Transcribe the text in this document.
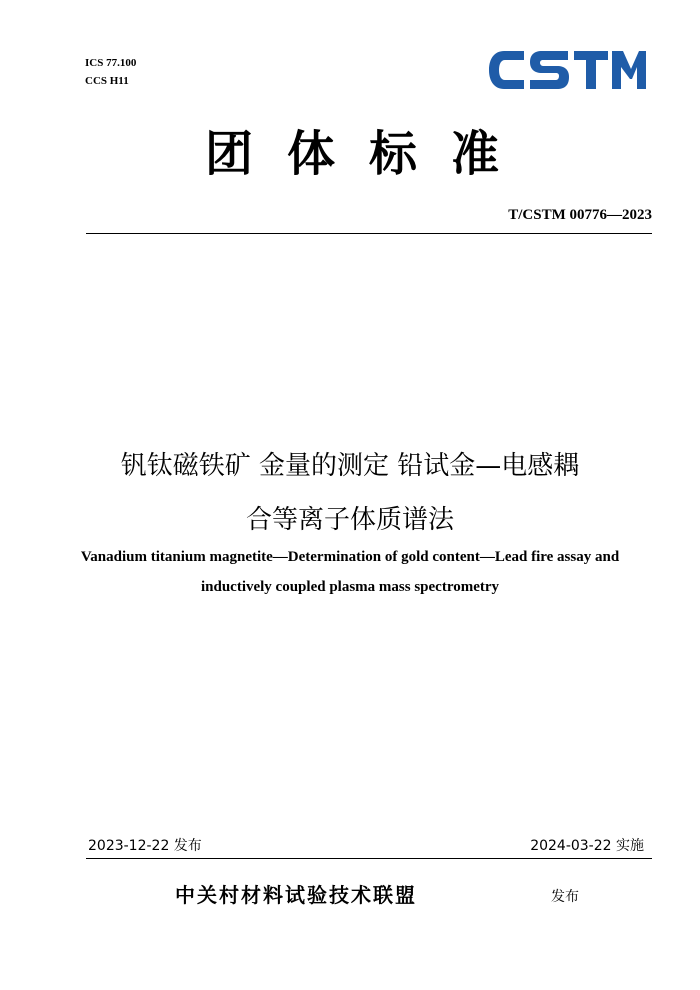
ICS 77.100
CCS H11
团体标准
T/CSTM 00776—2023
钒钛磁铁矿 金量的测定 铅试金—电感耦
合等离子体质谱法
Vanadium titanium magnetite—Determination of gold content—Lead fire assay and
inductively coupled plasma mass spectrometry
2023-12-22 发布	2024-03-22 实施
中关村材料试验技术联盟	发布
